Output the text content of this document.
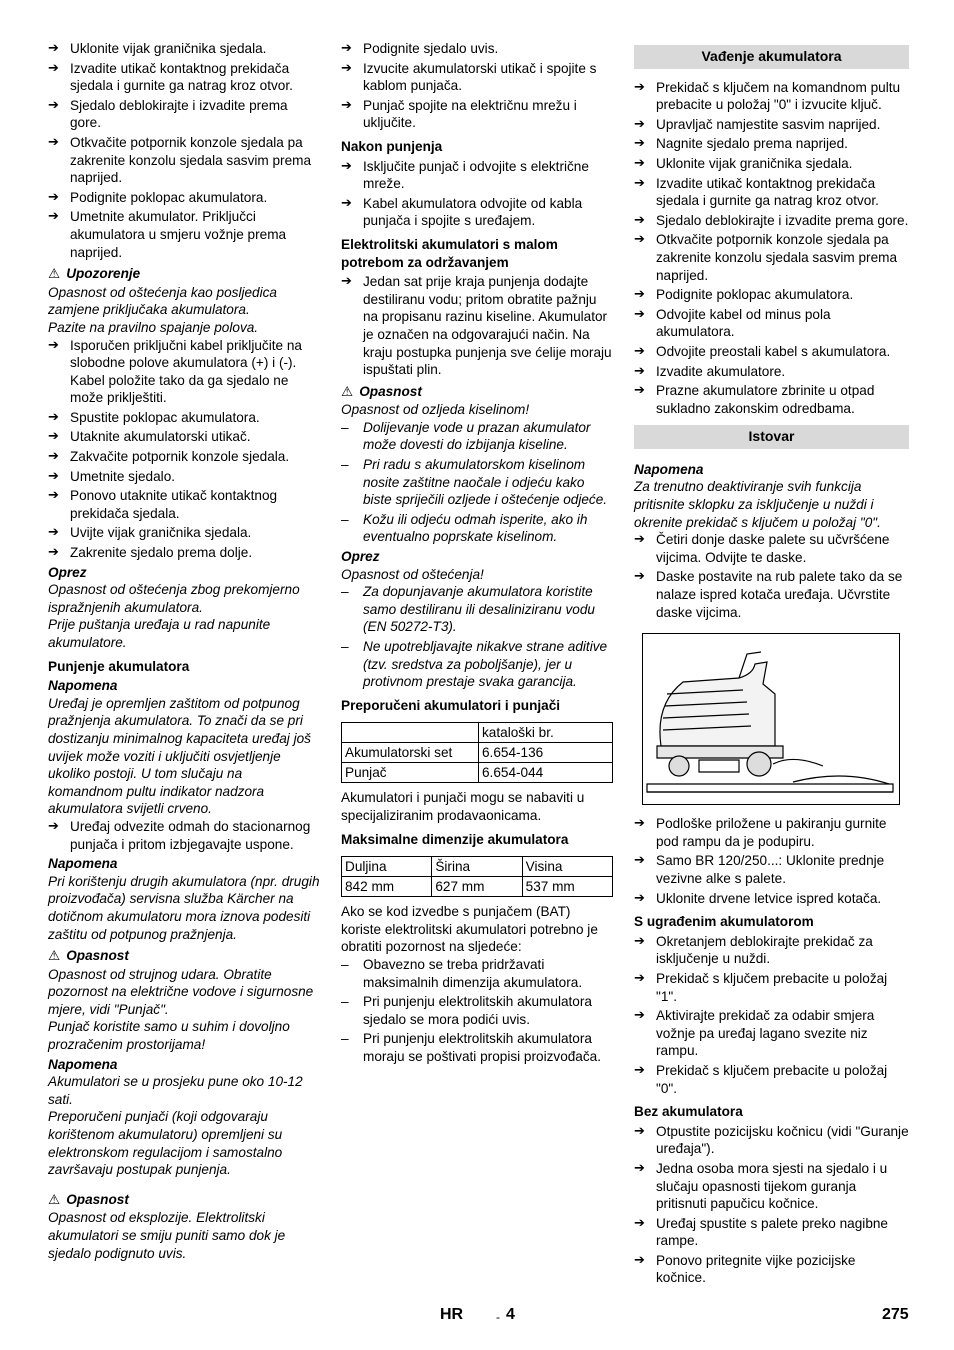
➔ Uklonite vijak graničnika sjedala.

➔ Izvadite utikač kontaktnog prekidača sjedala i gurnite ga natrag kroz otvor.

➔ Sjedalo deblokirajte i izvadite prema gore.

➔ Otkvačite potpornik konzole sjedala pa zakrenite konzolu sjedala sasvim prema naprijed.

➔ Podignite poklopac akumulatora.

➔ Umetnite akumulator. Priključci akumulatora u smjeru vožnje prema naprijed.

⚠ Upozorenje

Opasnost od oštećenja kao posljedica zamjene priključaka akumulatora.

Pazite na pravilno spajanje polova.

➔ Isporučen priključni kabel priključite na slobodne polove akumulatora (+) i (-). Kabel položite tako da ga sjedalo ne može priklještiti.

➔ Spustite poklopac akumulatora.

➔ Utaknite akumulatorski utikač.

➔ Zakvačite potpornik konzole sjedala.

➔ Umetnite sjedalo.

➔ Ponovo utaknite utikač kontaktnog prekidača sjedala.

➔ Uvijte vijak graničnika sjedala.

➔ Zakrenite sjedalo prema dolje.

Oprez

Opasnost od oštećenja zbog prekomjerno ispražnjenih akumulatora.

Prije puštanja uređaja u rad napunite akumulatore.

Punjenje akumulatora

Napomena

Uređaj je opremljen zaštitom od potpunog pražnjenja akumulatora. To znači da se pri dostizanju minimalnog kapaciteta uređaj još uvijek može voziti i uključiti osvjetljenje ukoliko postoji. U tom slučaju na komandnom pultu indikator nadzora akumulatora svijetli crveno.

➔ Uređaj odvezite odmah do stacionarnog punjača i pritom izbjegavajte uspone.

Napomena

Pri korištenju drugih akumulatora (npr. drugih proizvođača) servisna služba Kärcher na dotičnom akumulatoru mora iznova podesiti zaštitu od potpunog pražnjenja.

⚠ Opasnost

Opasnost od strujnog udara. Obratite pozornost na električne vodove i sigurnosne mjere, vidi "Punjač".

Punjač koristite samo u suhim i dovoljno prozračenim prostorijama!

Napomena

Akumulatori se u prosjeku pune oko 10-12 sati.

Preporučeni punjači (koji odgovaraju korištenom akumulatoru) opremljeni su elektronskom regulacijom i samostalno završavaju postupak punjenja.

⚠ Opasnost

Opasnost od eksplozije. Elektrolitski akumulatori se smiju puniti samo dok je sjedalo podignuto uvis.

➔ Podignite sjedalo uvis.

➔ Izvucite akumulatorski utikač i spojite s kablom punjača.

➔ Punjač spojite na električnu mrežu i uključite.

Nakon punjenja

➔ Isključite punjač i odvojite s električne mreže.

➔ Kabel akumulatora odvojite od kabla punjača i spojite s uređajem.

Elektrolitski akumulatori s malom potrebom za održavanjem

➔ Jedan sat prije kraja punjenja dodajte destiliranu vodu; pritom obratite pažnju na propisanu razinu kiseline. Akumulator je označen na odgovarajući način. Na kraju postupka punjenja sve ćelije moraju ispuštati plin.

⚠ Opasnost

Opasnost od ozljeda kiselinom!

– Dolijevanje vode u prazan akumulator može dovesti do izbijanja kiseline.

– Pri radu s akumulatorskom kiselinom nosite zaštitne naočale i odjeću kako biste spriječili ozljede i oštećenje odjeće.

– Kožu ili odjeću odmah isperite, ako ih eventualno poprskate kiselinom.

Oprez

Opasnost od oštećenja!

– Za dopunjavanje akumulatora koristite samo destiliranu ili desaliniziranu vodu (EN 50272-T3).

– Ne upotrebljavajte nikakve strane aditive (tzv. sredstva za poboljšanje), jer u protivnom prestaje svaka garancija.

Preporučeni akumulatori i punjači

	kataloški br.
Akumulatorski set	6.654-136
Punjač	6.654-044

Akumulatori i punjači mogu se nabaviti u specijaliziranim prodavaonicama.

Maksimalne dimenzije akumulatora

Duljina	Širina	Visina
842 mm	627 mm	537 mm

Ako se kod izvedbe s punjačem (BAT) koriste elektrolitski akumulatori potrebno je obratiti pozornost na sljedeće:

– Obavezno se treba pridržavati maksimalnih dimenzija akumulatora.

– Pri punjenju elektrolitskih akumulatora sjedalo se mora podići uvis.

– Pri punjenju elektrolitskih akumulatora moraju se poštivati propisi proizvođača.

Vađenje akumulatora

➔ Prekidač s ključem na komandnom pultu prebacite u položaj "0" i izvucite ključ.

➔ Upravljač namjestite sasvim naprijed.

➔ Nagnite sjedalo prema naprijed.

➔ Uklonite vijak graničnika sjedala.

➔ Izvadite utikač kontaktnog prekidača sjedala i gurnite ga natrag kroz otvor.

➔ Sjedalo deblokirajte i izvadite prema gore.

➔ Otkvačite potpornik konzole sjedala pa zakrenite konzolu sjedala sasvim prema naprijed.

➔ Podignite poklopac akumulatora.

➔ Odvojite kabel od minus pola akumulatora.

➔ Odvojite preostali kabel s akumulatora.

➔ Izvadite akumulatore.

➔ Prazne akumulatore zbrinite u otpad sukladno zakonskim odredbama.

Istovar

Napomena

Za trenutno deaktiviranje svih funkcija pritisnite sklopku za isključenje u nuždi i okrenite prekidač s ključem u položaj "0".

➔ Četiri donje daske palete su učvršćene vijcima. Odvijte te daske.

➔ Daske postavite na rub palete tako da se nalaze ispred kotača uređaja. Učvrstite daske vijcima.

➔ Podloške priložene u pakiranju gurnite pod rampu da je podupiru.

➔ Samo BR 120/250...: Uklonite prednje vezivne alke s palete.

➔ Uklonite drvene letvice ispred kotača.

S ugrađenim akumulatorom

➔ Okretanjem deblokirajte prekidač za isključenje u nuždi.

➔ Prekidač s ključem prebacite u položaj "1".

➔ Aktivirajte prekidač za odabir smjera vožnje pa uređaj lagano svezite niz rampu.

➔ Prekidač s ključem prebacite u položaj "0".

Bez akumulatora

➔ Otpustite pozicijsku kočnicu (vidi "Guranje uređaja").

➔ Jedna osoba mora sjesti na sjedalo i u slučaju opasnosti tijekom guranja pritisnuti papučicu kočnice.

➔ Uređaj spustite s palete preko nagibne rampe.

➔ Ponovo pritegnite vijke pozicijske kočnice.

HR	- 4	275
